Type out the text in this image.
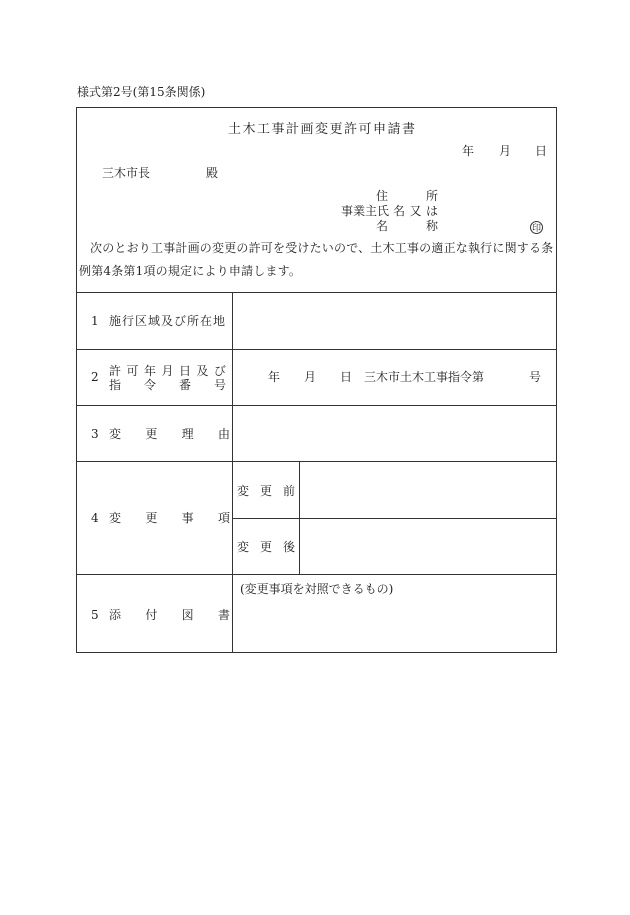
様式第2号(第15条関係)
土木工事計画変更許可申請書
年 月 日
三木市長	殿
住	所
事業主氏 名 又 は
名	称	印
次のとおり工事計画の変更の許可を受けたいので、土木工事の適正な執行に関する条
例第4条第1項の規定により申請します。
1 施行区域及び所在地
2 許 可 年 月 日 及 び
指 令 番 号
年 月 日 三木市土木工事指令第	号
3 変 更 理 由
4 変 更 事 項
変 更 前
変 更 後
5 添 付 図 書
(変更事項を対照できるもの)
